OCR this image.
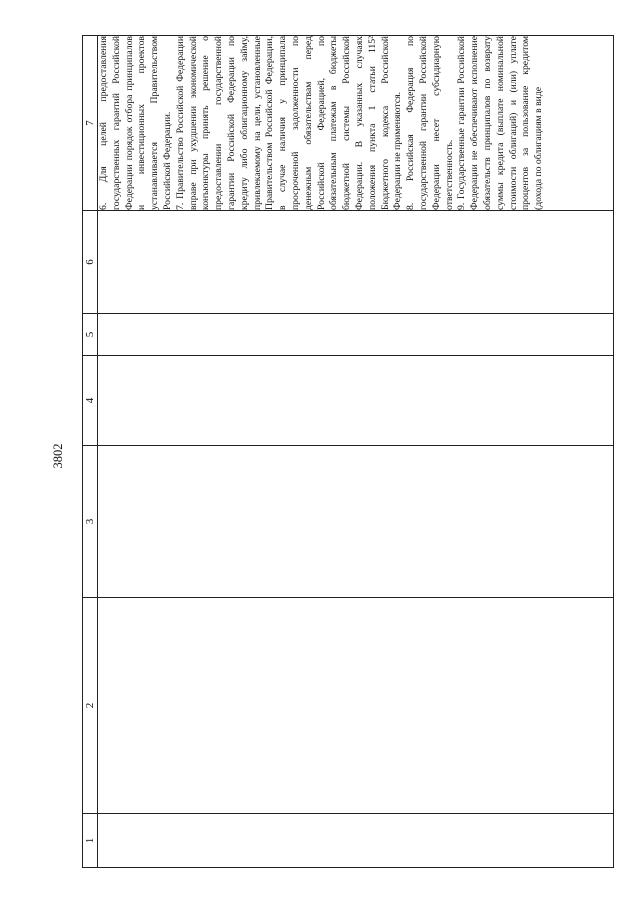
3802
1	2	3	4	5	6	7

						6. Для целей предоставления государственных гарантий Российской Федерации порядок отбора принципалов и инвестиционных проектов устанавливается Правительством Российской Федерации. 7. Правительство Российской Федерации вправе при ухудшении экономической конъюнктуры принять решение о предоставлении государственной гарантии Российской Федерации по кредиту либо облигационному займу, привлекаемому на цели, установленные Правительством Российской Федерации, в случае наличия у принципала просроченной задолженности по денежным обязательствам перед Российской Федерацией, по обязательным платежам в бюджеты бюджетной системы Российской Федерации. В указанных случаях положения пункта 1 статьи 115² Бюджетного кодекса Российской Федерации не применяются. 8. Российская Федерация по государственной гарантии Российской Федерации несет субсидиарную ответственность. 9. Государственные гарантии Российской Федерации не обеспечивают исполнение обязательств принципалов по возврату суммы кредита (выплате номинальной стоимости облигаций) и (или) уплате процентов за пользование кредитом (дохода по облигациям в виде
